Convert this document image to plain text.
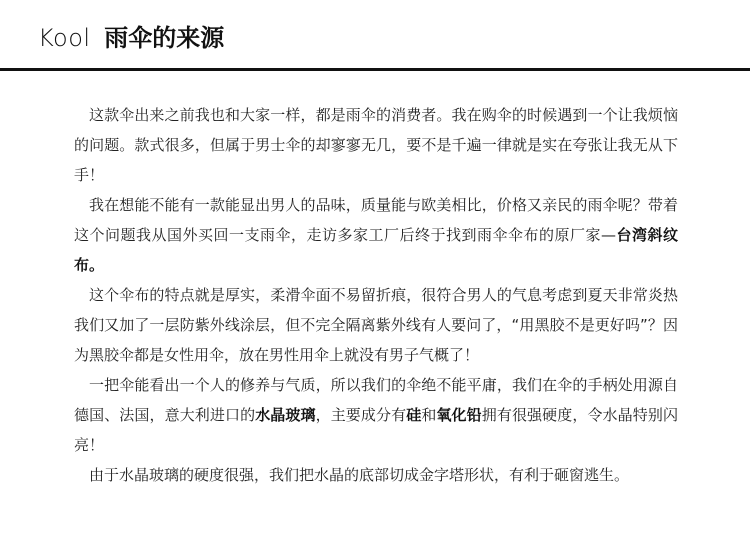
Kool 雨伞的来源

这款伞出来之前我也和大家一样，都是雨伞的消费者。我在购伞的时候遇到一个让我烦恼的问题。款式很多，但属于男士伞的却寥寥无几，要不是千遍一律就是实在夸张让我无从下手！

我在想能不能有一款能显出男人的品味，质量能与欧美相比，价格又亲民的雨伞呢？带着这个问题我从国外买回一支雨伞，走访多家工厂后终于找到雨伞伞布的原厂家—台湾斜纹布。

这个伞布的特点就是厚实，柔滑伞面不易留折痕，很符合男人的气息考虑到夏天非常炎热我们又加了一层防紫外线涂层，但不完全隔离紫外线有人要问了，“用黑胶不是更好吗”？因为黑胶伞都是女性用伞，放在男性用伞上就没有男子气概了！

一把伞能看出一个人的修养与气质，所以我们的伞绝不能平庸，我们在伞的手柄处用源自德国、法国，意大利进口的水晶玻璃，主要成分有硅和氧化铅拥有很强硬度，令水晶特别闪亮！

由于水晶玻璃的硬度很强，我们把水晶的底部切成金字塔形状，有利于砸窗逃生。
